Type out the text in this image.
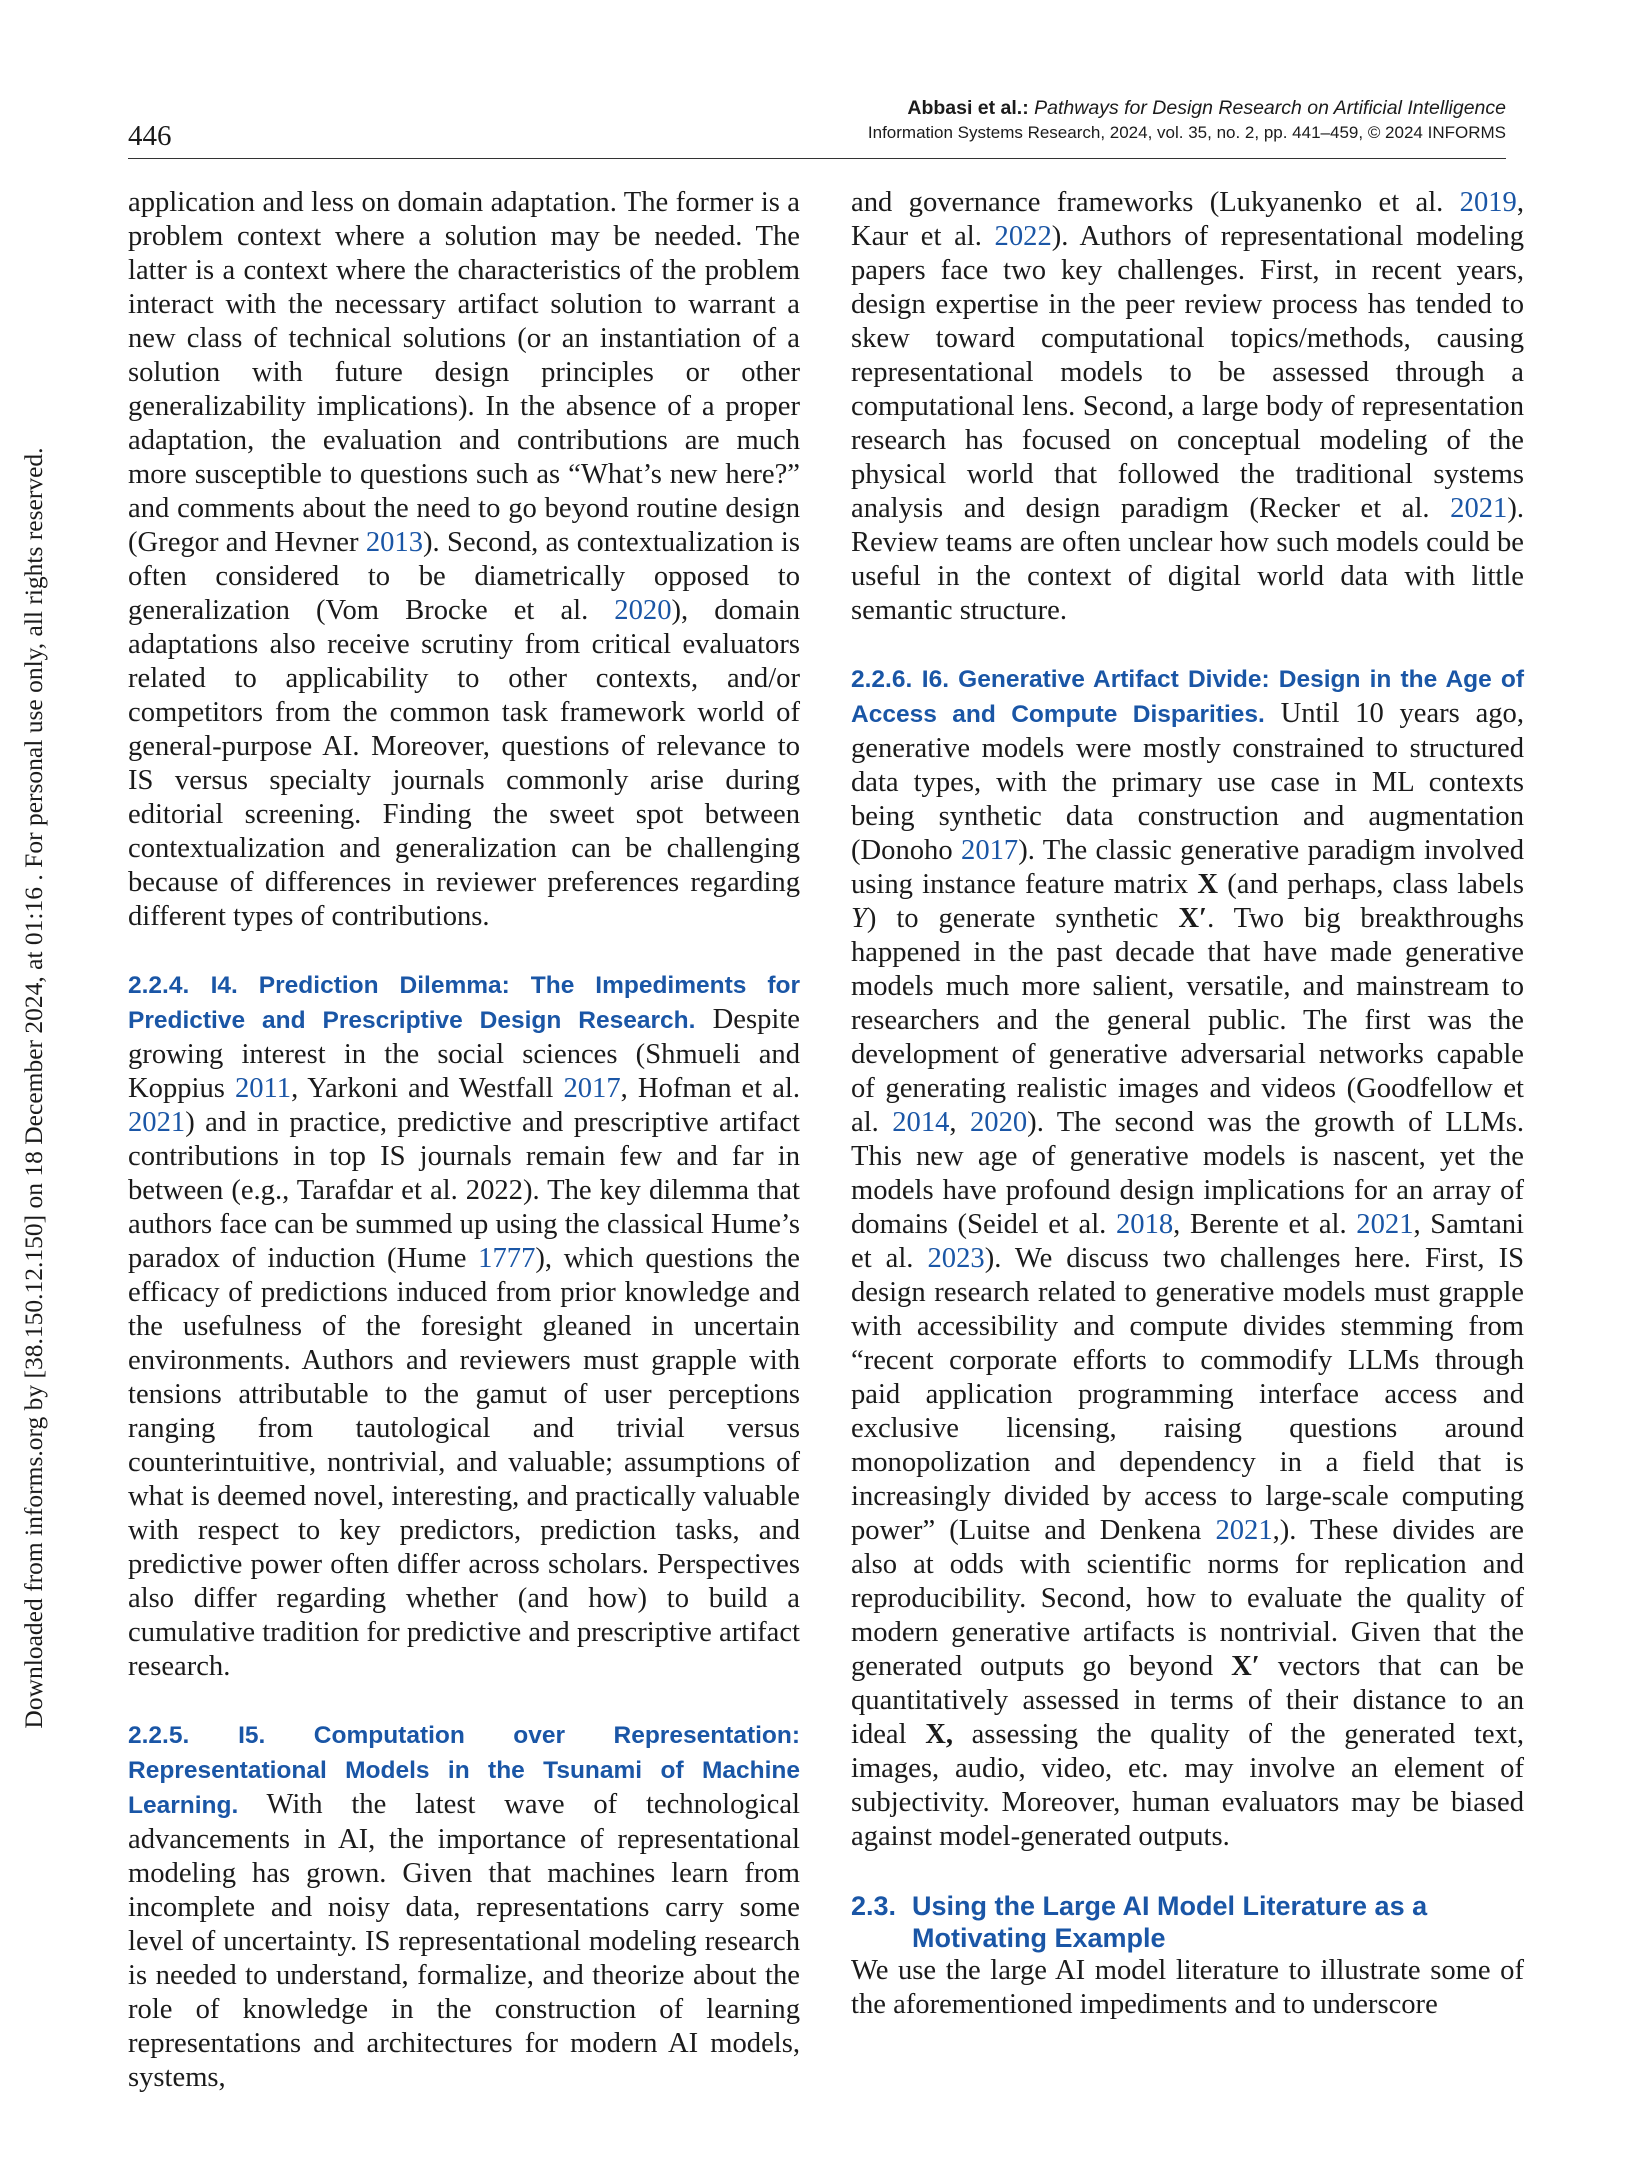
Downloaded from informs.org by [38.150.12.150] on 18 December 2024, at 01:16 . For personal use only, all rights reserved.
446
Abbasi et al.: Pathways for Design Research on Artificial Intelligence
Information Systems Research, 2024, vol. 35, no. 2, pp. 441–459, © 2024 INFORMS

application and less on domain adaptation. The former is a problem context where a solution may be needed. The latter is a context where the characteristics of the problem interact with the necessary artifact solution to warrant a new class of technical solutions (or an instantiation of a solution with future design principles or other generalizability implications). In the absence of a proper adaptation, the evaluation and contributions are much more susceptible to questions such as “What’s new here?” and comments about the need to go beyond routine design (Gregor and Hevner 2013). Second, as contextualization is often considered to be diametrically opposed to generalization (Vom Brocke et al. 2020), domain adaptations also receive scrutiny from critical evaluators related to applicability to other contexts, and/or competitors from the common task framework world of general-purpose AI. Moreover, questions of relevance to IS versus specialty journals commonly arise during editorial screening. Finding the sweet spot between contextualization and generalization can be challenging because of differences in reviewer preferences regarding different types of contributions.

2.2.4. I4. Prediction Dilemma: The Impediments for Predictive and Prescriptive Design Research. Despite growing interest in the social sciences (Shmueli and Koppius 2011, Yarkoni and Westfall 2017, Hofman et al. 2021) and in practice, predictive and prescriptive artifact contributions in top IS journals remain few and far in between (e.g., Tarafdar et al. 2022). The key dilemma that authors face can be summed up using the classical Hume’s paradox of induction (Hume 1777), which questions the efficacy of predictions induced from prior knowledge and the usefulness of the foresight gleaned in uncertain environments. Authors and reviewers must grapple with tensions attributable to the gamut of user perceptions ranging from tautological and trivial versus counterintuitive, nontrivial, and valuable; assumptions of what is deemed novel, interesting, and practically valuable with respect to key predictors, prediction tasks, and predictive power often differ across scholars. Perspectives also differ regarding whether (and how) to build a cumulative tradition for predictive and prescriptive artifact research.

2.2.5. I5. Computation over Representation: Representational Models in the Tsunami of Machine Learning. With the latest wave of technological advancements in AI, the importance of representational modeling has grown. Given that machines learn from incomplete and noisy data, representations carry some level of uncertainty. IS representational modeling research is needed to understand, formalize, and theorize about the role of knowledge in the construction of learning representations and architectures for modern AI models, systems,

and governance frameworks (Lukyanenko et al. 2019, Kaur et al. 2022). Authors of representational modeling papers face two key challenges. First, in recent years, design expertise in the peer review process has tended to skew toward computational topics/methods, causing representational models to be assessed through a computational lens. Second, a large body of representation research has focused on conceptual modeling of the physical world that followed the traditional systems analysis and design paradigm (Recker et al. 2021). Review teams are often unclear how such models could be useful in the context of digital world data with little semantic structure.

2.2.6. I6. Generative Artifact Divide: Design in the Age of Access and Compute Disparities. Until 10 years ago, generative models were mostly constrained to structured data types, with the primary use case in ML contexts being synthetic data construction and augmentation (Donoho 2017). The classic generative paradigm involved using instance feature matrix X (and perhaps, class labels Y) to generate synthetic X′. Two big breakthroughs happened in the past decade that have made generative models much more salient, versatile, and mainstream to researchers and the general public. The first was the development of generative adversarial networks capable of generating realistic images and videos (Goodfellow et al. 2014, 2020). The second was the growth of LLMs. This new age of generative models is nascent, yet the models have profound design implications for an array of domains (Seidel et al. 2018, Berente et al. 2021, Samtani et al. 2023). We discuss two challenges here. First, IS design research related to generative models must grapple with accessibility and compute divides stemming from “recent corporate efforts to commodify LLMs through paid application programming interface access and exclusive licensing, raising questions around monopolization and dependency in a field that is increasingly divided by access to large-scale computing power” (Luitse and Denkena 2021,). These divides are also at odds with scientific norms for replication and reproducibility. Second, how to evaluate the quality of modern generative artifacts is nontrivial. Given that the generated outputs go beyond X′ vectors that can be quantitatively assessed in terms of their distance to an ideal X, assessing the quality of the generated text, images, audio, video, etc. may involve an element of subjectivity. Moreover, human evaluators may be biased against model-generated outputs.

2.3. Using the Large AI Model Literature as a
Motivating Example

We use the large AI model literature to illustrate some of the aforementioned impediments and to underscore
